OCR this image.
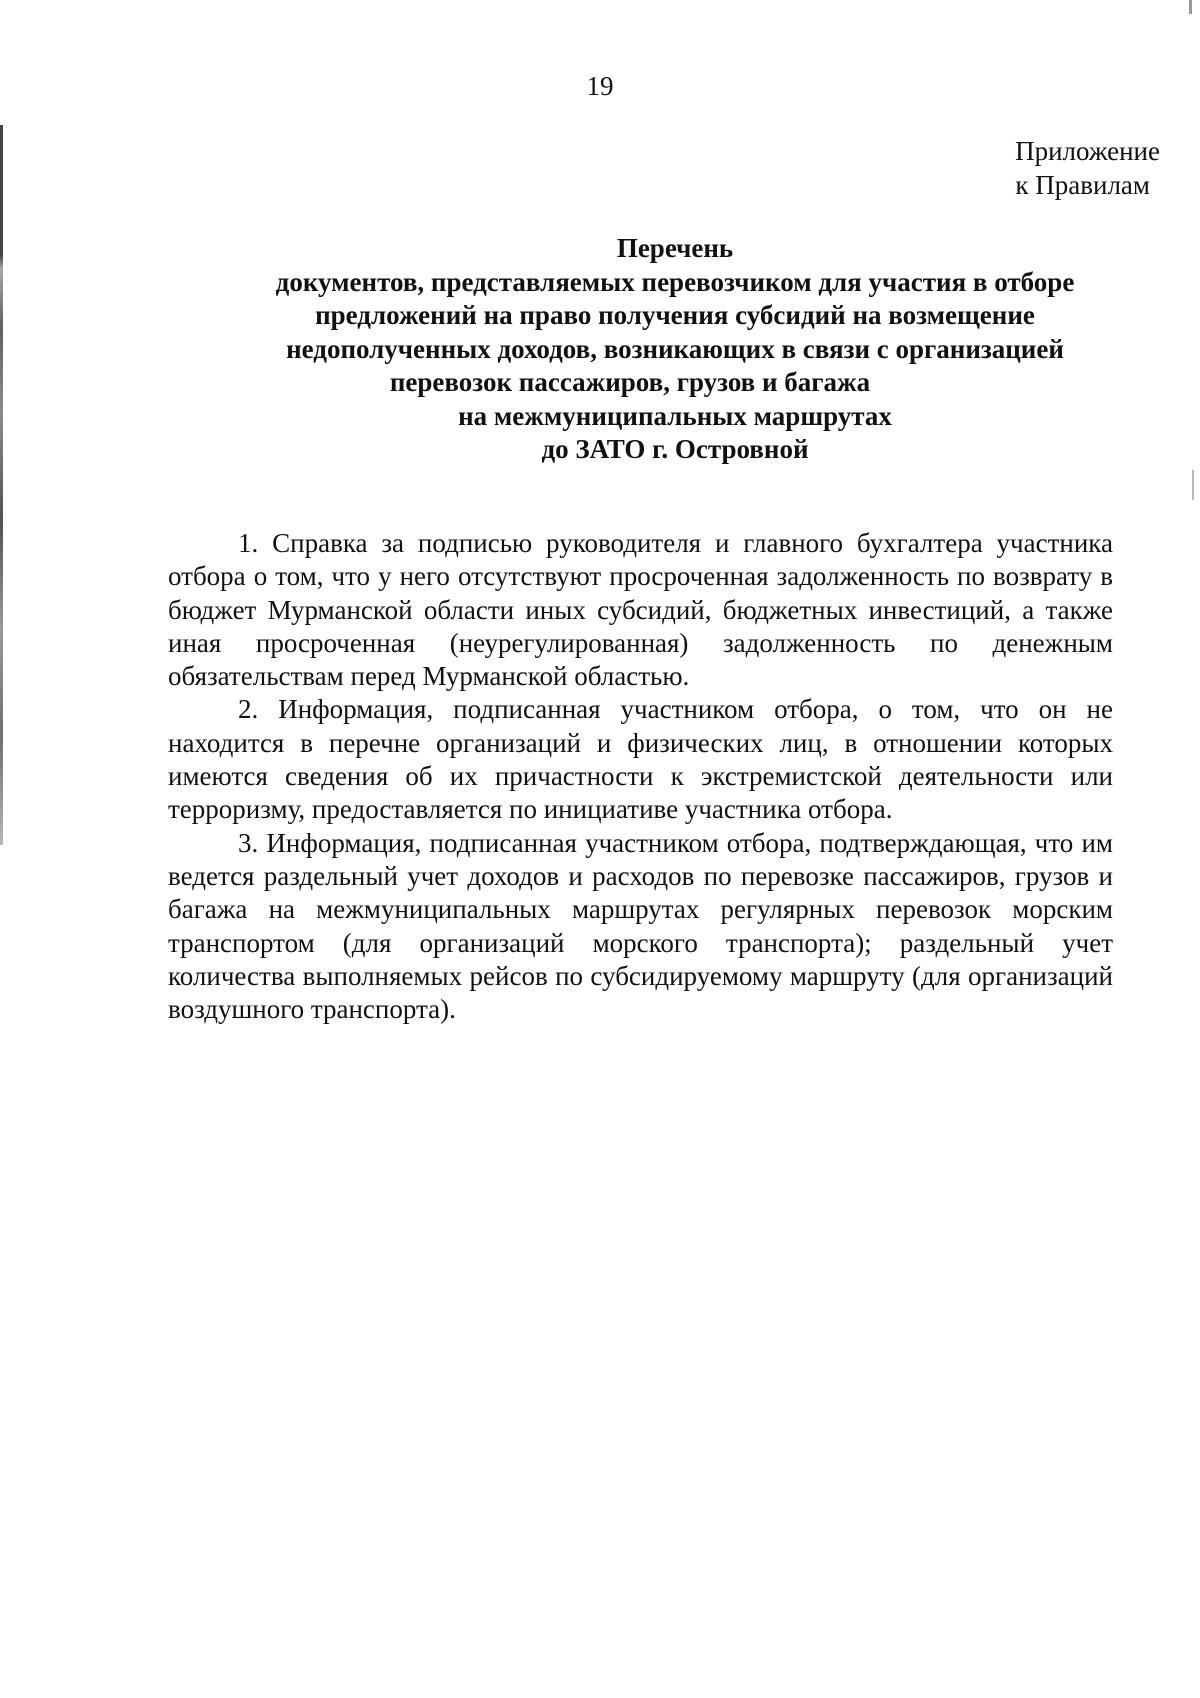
19
Приложение
к Правилам
Перечень
документов, представляемых перевозчиком для участия в отборе
предложений на право получения субсидий на возмещение
недополученных доходов, возникающих в связи с организацией
перевозок пассажиров, грузов и багажа
на межмуниципальных маршрутах
до ЗАТО г. Островной

1. Справка за подписью руководителя и главного бухгалтера участника отбора о том, что у него отсутствуют просроченная задолженность по возврату в бюджет Мурманской области иных субсидий, бюджетных инвестиций, а также иная просроченная (неурегулированная) задолженность по денежным обязательствам перед Мурманской областью.

2. Информация, подписанная участником отбора, о том, что он не находится в перечне организаций и физических лиц, в отношении которых имеются сведения об их причастности к экстремистской деятельности или терроризму, предоставляется по инициативе участника отбора.

3. Информация, подписанная участником отбора, подтверждающая, что им ведется раздельный учет доходов и расходов по перевозке пассажиров, грузов и багажа на межмуниципальных маршрутах регулярных перевозок морским транспортом (для организаций морского транспорта); раздельный учет количества выполняемых рейсов по субсидируемому маршруту (для организаций воздушного транспорта).
